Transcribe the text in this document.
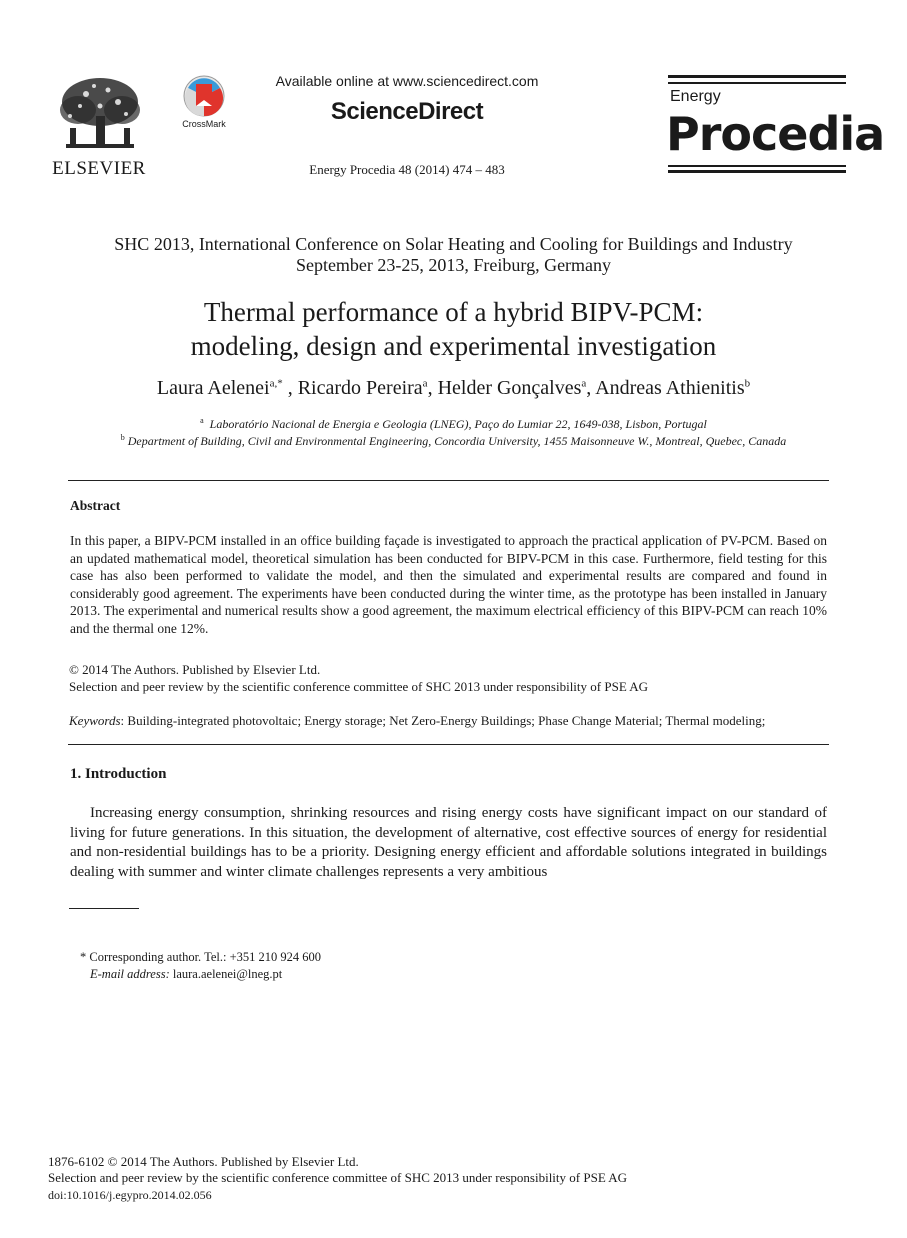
ELSEVIER
CrossMark
Available online at www.sciencedirect.com
ScienceDirect
Energy Procedia 48 (2014) 474 – 483
Energy
Procedia
SHC 2013, International Conference on Solar Heating and Cooling for Buildings and Industry
September 23-25, 2013, Freiburg, Germany
Thermal performance of a hybrid BIPV-PCM:
modeling, design and experimental investigation
Laura Aelenei$^{a,*}$ , Ricardo Pereira$^a$, Helder Gonçalves$^a$, Andreas Athienitis$^b$
$^a$ Laboratório Nacional de Energia e Geologia (LNEG), Paço do Lumiar 22, 1649-038, Lisbon, Portugal
$^b$ Department of Building, Civil and Environmental Engineering, Concordia University, 1455 Maisonneuve W., Montreal, Quebec, Canada
Abstract

In this paper, a BIPV-PCM installed in an office building façade is investigated to approach the practical application of PV-PCM. Based on an updated mathematical model, theoretical simulation has been conducted for BIPV-PCM in this case. Furthermore, field testing for this case has also been performed to validate the model, and then the simulated and experimental results are compared and found in considerably good agreement. The experiments have been conducted during the winter time, as the prototype has been installed in January 2013. The experimental and numerical results show a good agreement, the maximum electrical efficiency of this BIPV-PCM can reach 10% and the thermal one 12%.

© 2014 The Authors. Published by Elsevier Ltd.
Selection and peer review by the scientific conference committee of SHC 2013 under responsibility of PSE AG
Keywords: Building-integrated photovoltaic; Energy storage; Net Zero-Energy Buildings; Phase Change Material; Thermal modeling;
1. Introduction
Increasing energy consumption, shrinking resources and rising energy costs have significant impact on our standard of living for future generations. In this situation, the development of alternative, cost effective sources of energy for residential and non-residential buildings has to be a priority. Designing energy efficient and affordable solutions integrated in buildings dealing with summer and winter climate challenges represents a very ambitious
* Corresponding author. Tel.: +351 210 924 600
E-mail address: laura.aelenei@lneg.pt
1876-6102 © 2014 The Authors. Published by Elsevier Ltd.
Selection and peer review by the scientific conference committee of SHC 2013 under responsibility of PSE AG
doi:10.1016/j.egypro.2014.02.056
